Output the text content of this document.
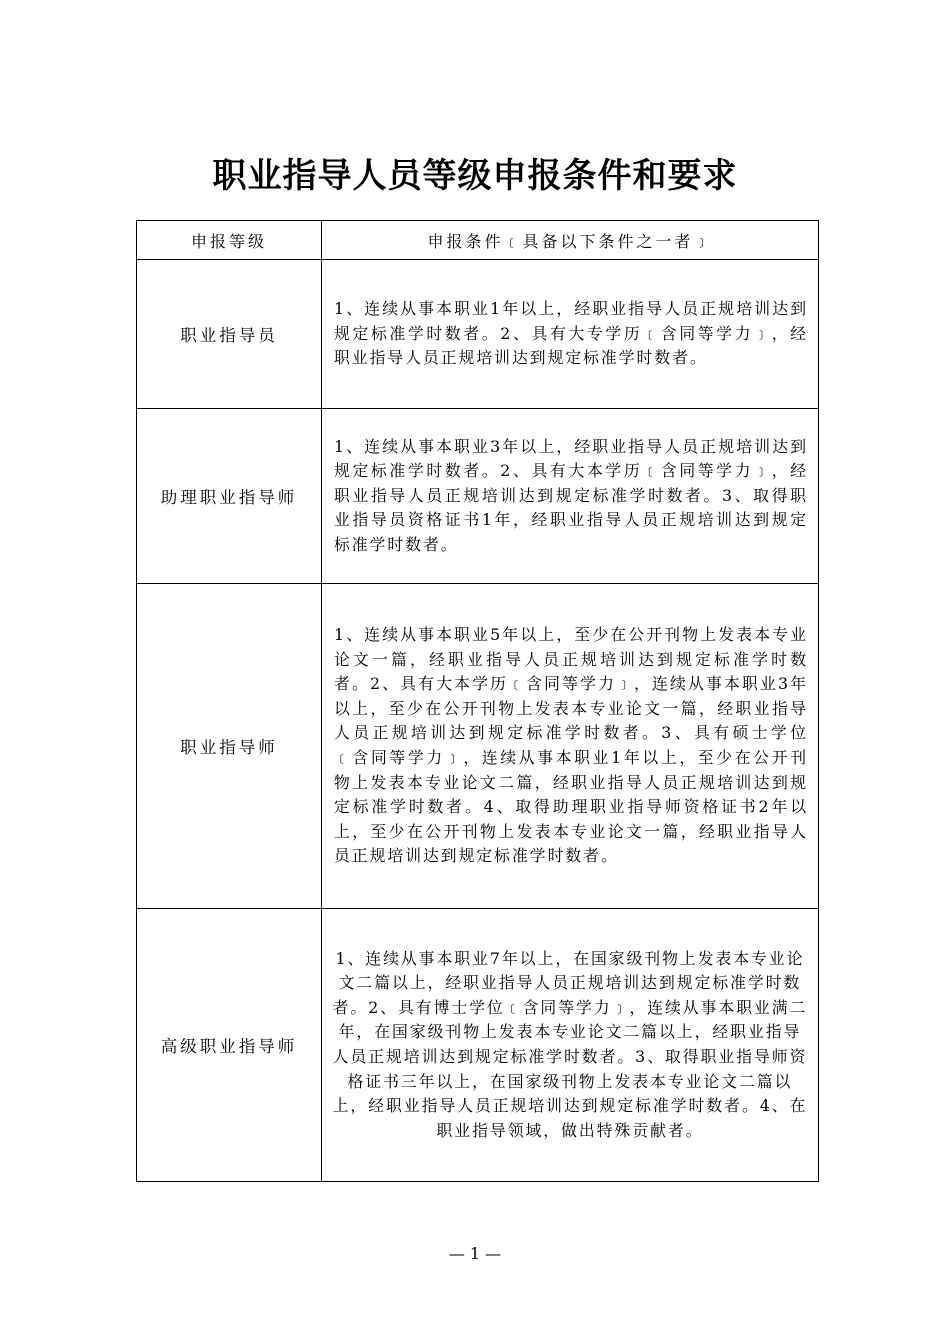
职业指导人员等级申报条件和要求
申报等级	申报条件﹝具备以下条件之一者﹞
职业指导员	1、连续从事本职业1年以上，经职业指导人员正规培训达到规定标准学时数者。2、具有大专学历﹝含同等学力﹞，经职业指导人员正规培训达到规定标准学时数者。
助理职业指导师	1、连续从事本职业3年以上，经职业指导人员正规培训达到规定标准学时数者。2、具有大本学历﹝含同等学力﹞，经职业指导人员正规培训达到规定标准学时数者。3、取得职业指导员资格证书1年，经职业指导人员正规培训达到规定标准学时数者。
职业指导师	1、连续从事本职业5年以上，至少在公开刊物上发表本专业论文一篇，经职业指导人员正规培训达到规定标准学时数者。2、具有大本学历﹝含同等学力﹞，连续从事本职业3年以上，至少在公开刊物上发表本专业论文一篇，经职业指导人员正规培训达到规定标准学时数者。3、具有硕士学位﹝含同等学力﹞，连续从事本职业1年以上，至少在公开刊物上发表本专业论文二篇，经职业指导人员正规培训达到规定标准学时数者。4、取得助理职业指导师资格证书2年以上，至少在公开刊物上发表本专业论文一篇，经职业指导人员正规培训达到规定标准学时数者。
高级职业指导师	1、连续从事本职业7年以上，在国家级刊物上发表本专业论文二篇以上，经职业指导人员正规培训达到规定标准学时数者。2、具有博士学位﹝含同等学力﹞，连续从事本职业满二年，在国家级刊物上发表本专业论文二篇以上，经职业指导人员正规培训达到规定标准学时数者。3、取得职业指导师资格证书三年以上，在国家级刊物上发表本专业论文二篇以上，经职业指导人员正规培训达到规定标准学时数者。4、在职业指导领域，做出特殊贡献者。
— 1 —
